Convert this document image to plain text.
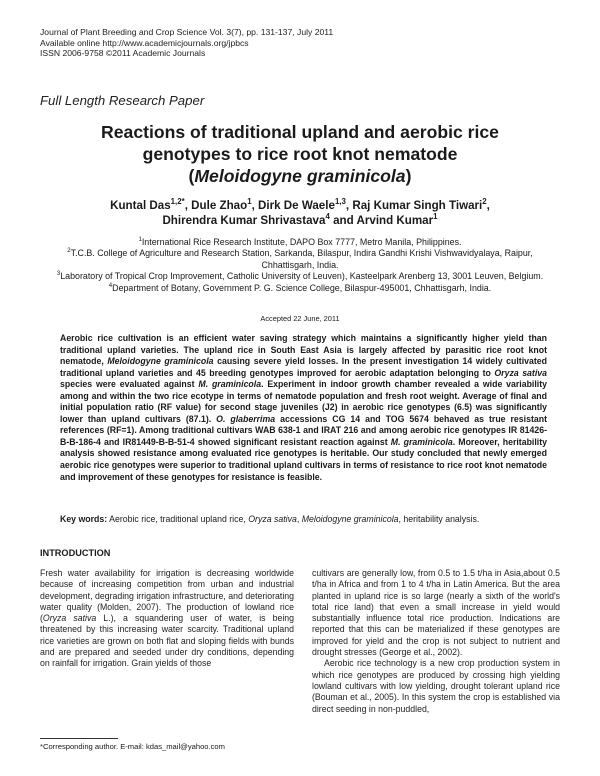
Journal of Plant Breeding and Crop Science Vol. 3(7), pp. 131-137, July 2011
Available online http://www.academicjournals.org/jpbcs
ISSN 2006-9758 ©2011 Academic Journals
Full Length Research Paper
Reactions of traditional upland and aerobic rice
genotypes to rice root knot nematode
(Meloidogyne graminicola)
Kuntal Das$^{1,2*}$, Dule Zhao$^1$, Dirk De Waele$^{1,3}$, Raj Kumar Singh Tiwari$^2$,
Dhirendra Kumar Shrivastava$^4$ and Arvind Kumar$^1$
$^1$International Rice Research Institute, DAPO Box 7777, Metro Manila, Philippines.
$^2$T.C.B. College of Agriculture and Research Station, Sarkanda, Bilaspur, Indira Gandhi Krishi Vishwavidyalaya, Raipur, Chhattisgarh, India.
$^3$Laboratory of Tropical Crop Improvement, Catholic University of Leuven), Kasteelpark Arenberg 13, 3001 Leuven, Belgium.
$^4$Department of Botany, Government P. G. Science College, Bilaspur-495001, Chhattisgarh, India.
Accepted 22 June, 2011
Aerobic rice cultivation is an efficient water saving strategy which maintains a significantly higher yield than traditional upland varieties. The upland rice in South East Asia is largely affected by parasitic rice root knot nematode, Meloidogyne graminicola causing severe yield losses. In the present investigation 14 widely cultivated traditional upland varieties and 45 breeding genotypes improved for aerobic adaptation belonging to Oryza sativa species were evaluated against M. graminicola. Experiment in indoor growth chamber revealed a wide variability among and within the two rice ecotype in terms of nematode population and fresh root weight. Average of final and initial population ratio (RF value) for second stage juveniles (J2) in aerobic rice genotypes (6.5) was significantly lower than upland cultivars (87.1). O. glaberrima accessions CG 14 and TOG 5674 behaved as true resistant references (RF=1). Among traditional cultivars WAB 638-1 and IRAT 216 and among aerobic rice genotypes IR 81426-B-B-186-4 and IR81449-B-B-51-4 showed significant resistant reaction against M. graminicola. Moreover, heritability analysis showed resistance among evaluated rice genotypes is heritable. Our study concluded that newly emerged aerobic rice genotypes were superior to traditional upland cultivars in terms of resistance to rice root knot nematode and improvement of these genotypes for resistance is feasible.
Key words: Aerobic rice, traditional upland rice, Oryza sativa, Meloidogyne graminicola, heritability analysis.
INTRODUCTION

Fresh water availability for irrigation is decreasing worldwide because of increasing competition from urban and industrial development, degrading irrigation infrastructure, and deteriorating water quality (Molden, 2007). The production of lowland rice (Oryza sativa L.), a squandering user of water, is being threatened by this increasing water scarcity. Traditional upland rice varieties are grown on both flat and sloping fields with bunds and are prepared and seeded under dry conditions, depending on rainfall for irrigation. Grain yields of those

cultivars are generally low, from 0.5 to 1.5 t/ha in Asia,about 0.5 t/ha in Africa and from 1 to 4 t/ha in Latin America. But the area planted in upland rice is so large (nearly a sixth of the world's total rice land) that even a small increase in yield would substantially influence total rice production. Indications are reported that this can be materialized if these genotypes are improved for yield and the crop is not subject to nutrient and drought stresses (George et al., 2002).

Aerobic rice technology is a new crop production system in which rice genotypes are produced by crossing high yielding lowland cultivars with low yielding, drought tolerant upland rice (Bouman et al., 2005). In this system the crop is established via direct seeding in non-puddled,

*Corresponding author. E-mail: kdas_mail@yahoo.com
